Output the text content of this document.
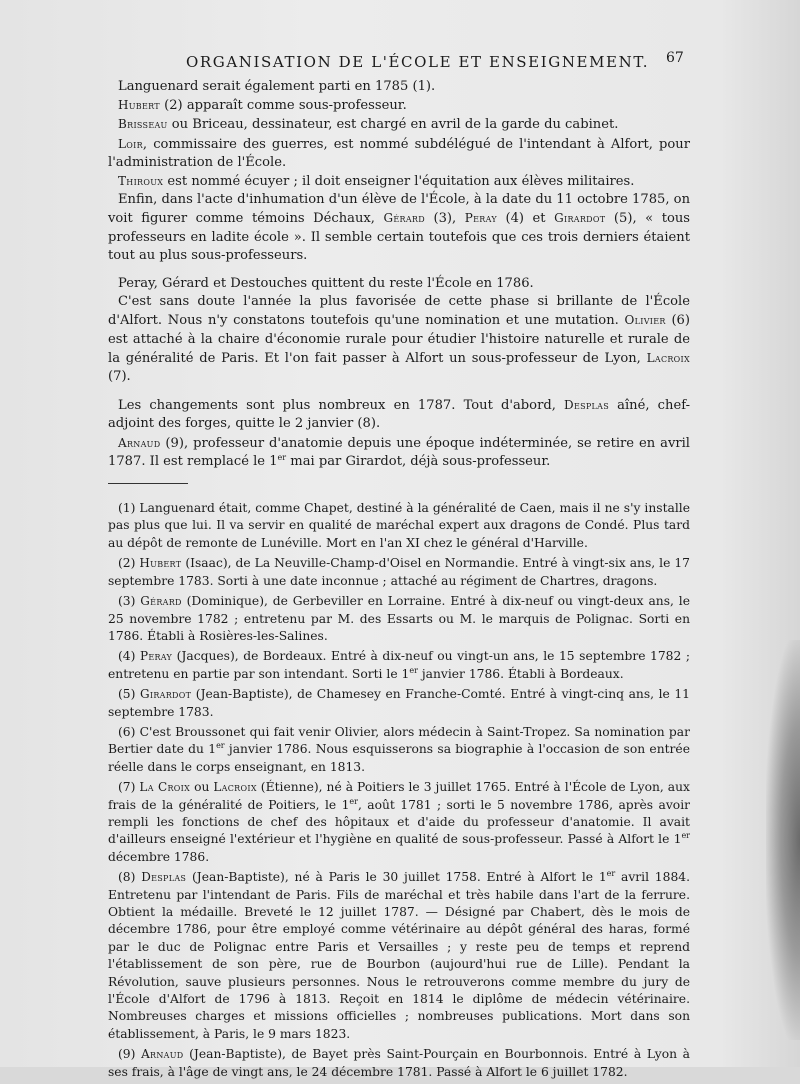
ORGANISATION DE L'ÉCOLE ET ENSEIGNEMENT. 67

Languenard serait également parti en 1785 (1).

Hubert (2) apparaît comme sous-professeur.

Brisseau ou Briceau, dessinateur, est chargé en avril de la garde du cabinet.

Loir, commissaire des guerres, est nommé subdélégué de l'intendant à Alfort, pour l'administration de l'École.

Thiroux est nommé écuyer ; il doit enseigner l'équitation aux élèves militaires.

Enfin, dans l'acte d'inhumation d'un élève de l'École, à la date du 11 octobre 1785, on voit figurer comme témoins Déchaux, Gérard (3), Peray (4) et Girardot (5), « tous professeurs en ladite école ». Il semble certain toutefois que ces trois derniers étaient tout au plus sous-professeurs.

Peray, Gérard et Destouches quittent du reste l'École en 1786.

C'est sans doute l'année la plus favorisée de cette phase si brillante de l'École d'Alfort. Nous n'y constatons toutefois qu'une nomination et une mutation. Olivier (6) est attaché à la chaire d'économie rurale pour étudier l'histoire naturelle et rurale de la généralité de Paris. Et l'on fait passer à Alfort un sous-professeur de Lyon, Lacroix (7).

Les changements sont plus nombreux en 1787. Tout d'abord, Desplas aîné, chef-adjoint des forges, quitte le 2 janvier (8).

Arnaud (9), professeur d'anatomie depuis une époque indéterminée, se retire en avril 1787. Il est remplacé le 1er mai par Girardot, déjà sous-professeur.

(1) Languenard était, comme Chapet, destiné à la généralité de Caen, mais il ne s'y installe pas plus que lui. Il va servir en qualité de maréchal expert aux dragons de Condé. Plus tard au dépôt de remonte de Lunéville. Mort en l'an XI chez le général d'Harville.

(2) Hubert (Isaac), de La Neuville-Champ-d'Oisel en Normandie. Entré à vingt-six ans, le 17 septembre 1783. Sorti à une date inconnue ; attaché au régiment de Chartres, dragons.

(3) Gérard (Dominique), de Gerbeviller en Lorraine. Entré à dix-neuf ou vingt-deux ans, le 25 novembre 1782 ; entretenu par M. des Essarts ou M. le marquis de Polignac. Sorti en 1786. Établi à Rosières-les-Salines.

(4) Peray (Jacques), de Bordeaux. Entré à dix-neuf ou vingt-un ans, le 15 septembre 1782 ; entretenu en partie par son intendant. Sorti le 1er janvier 1786. Établi à Bordeaux.

(5) Girardot (Jean-Baptiste), de Chamesey en Franche-Comté. Entré à vingt-cinq ans, le 11 septembre 1783.

(6) C'est Broussonet qui fait venir Olivier, alors médecin à Saint-Tropez. Sa nomination par Bertier date du 1er janvier 1786. Nous esquisserons sa biographie à l'occasion de son entrée réelle dans le corps enseignant, en 1813.

(7) La Croix ou Lacroix (Étienne), né à Poitiers le 3 juillet 1765. Entré à l'École de Lyon, aux frais de la généralité de Poitiers, le 1er, août 1781 ; sorti le 5 novembre 1786, après avoir rempli les fonctions de chef des hôpitaux et d'aide du professeur d'anatomie. Il avait d'ailleurs enseigné l'extérieur et l'hygiène en qualité de sous-professeur. Passé à Alfort le 1er décembre 1786.

(8) Desplas (Jean-Baptiste), né à Paris le 30 juillet 1758. Entré à Alfort le 1er avril 1884. Entretenu par l'intendant de Paris. Fils de maréchal et très habile dans l'art de la ferrure. Obtient la médaille. Breveté le 12 juillet 1787. — Désigné par Chabert, dès le mois de décembre 1786, pour être employé comme vétérinaire au dépôt général des haras, formé par le duc de Polignac entre Paris et Versailles ; y reste peu de temps et reprend l'établissement de son père, rue de Bourbon (aujourd'hui rue de Lille). Pendant la Révolution, sauve plusieurs personnes. Nous le retrouverons comme membre du jury de l'École d'Alfort de 1796 à 1813. Reçoit en 1814 le diplôme de médecin vétérinaire. Nombreuses charges et missions officielles ; nombreuses publications. Mort dans son établissement, à Paris, le 9 mars 1823.

(9) Arnaud (Jean-Baptiste), de Bayet près Saint-Pourçain en Bourbonnois. Entré à Lyon à ses frais, à l'âge de vingt ans, le 24 décembre 1781. Passé à Alfort le 6 juillet 1782.
